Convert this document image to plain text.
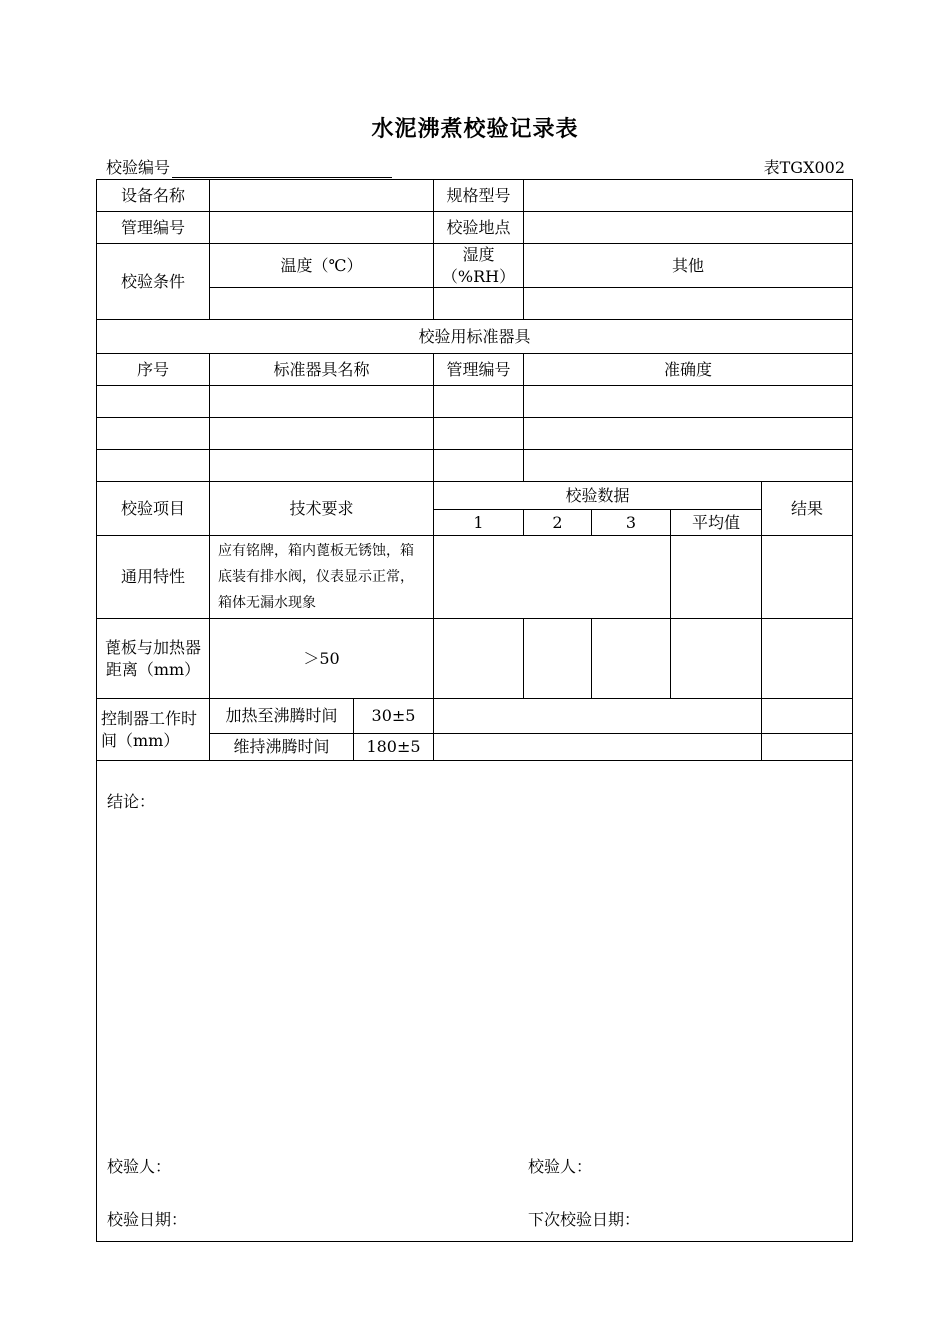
水泥沸煮校验记录表
校验编号	表TGX002
设备名称			规格型号				
管理编号			校验地点				
校验条件	温度（℃）		湿度（%RH）	其他			

校验用标准器具							
序号	标准器具名称		管理编号	准确度			

校验项目	技术要求		校验数据				结果
			1	2	3	平均值	
通用特性	应有铭牌，箱内蓖板无锈蚀，箱底装有排水阀，仪表显示正常，箱体无漏水现象						
蓖板与加热器距离（mm）	＞50						
控制器工作时间（mm）	加热至沸腾时间	30±5					
	维持沸腾时间	180±5					

结论：
校验人： 校验人：
校验日期： 下次校验日期：							
